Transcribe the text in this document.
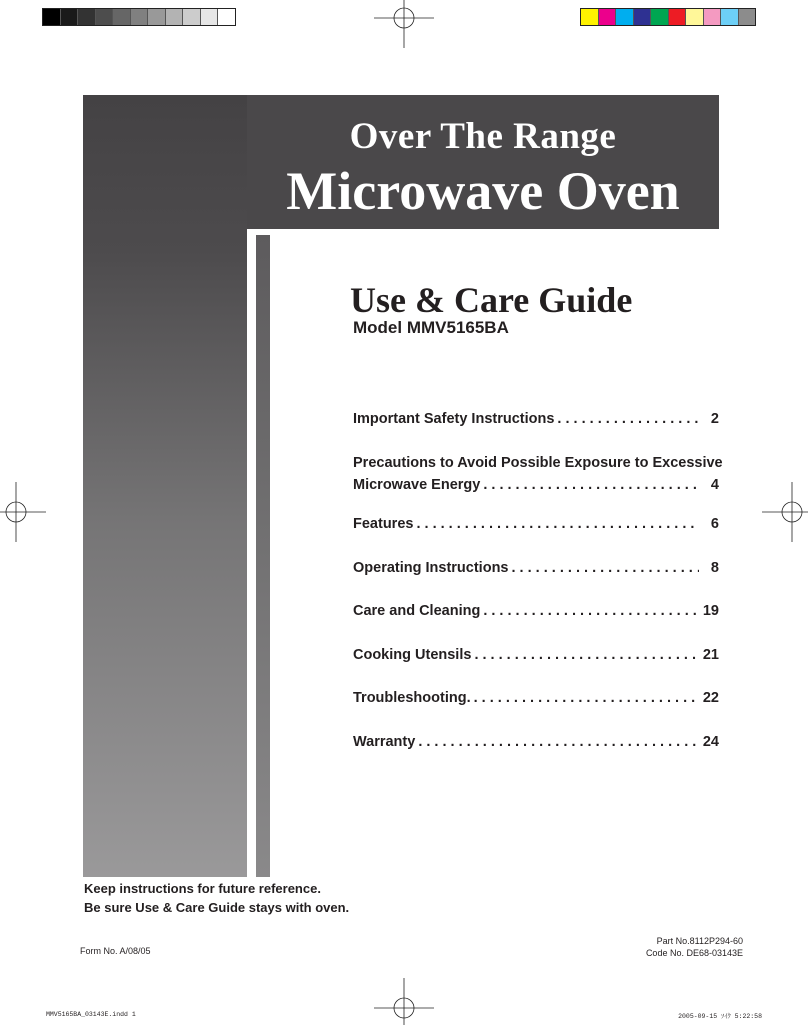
Over The Range
Microwave Oven
Use & Care Guide

Model MMV5165BA

Important Safety Instructions . . .	2
Precautions to Avoid Possible Exposure to Excessive
Microwave Energy . . .	4
Features . . .	6
Operating Instructions . . .	8
Care and Cleaning . . .	19
Cooking Utensils . . .	21
Troubleshooting. . . .	22
Warranty . . .	24
Keep instructions for future reference.
Be sure Use & Care Guide stays with oven.
Form No. A/08/05
Part No.8112P294-60
Code No. DE68-03143E
MMV5165BA_03143E.indd 1	2005-09-15 ｿｲｸ 5:22:58
